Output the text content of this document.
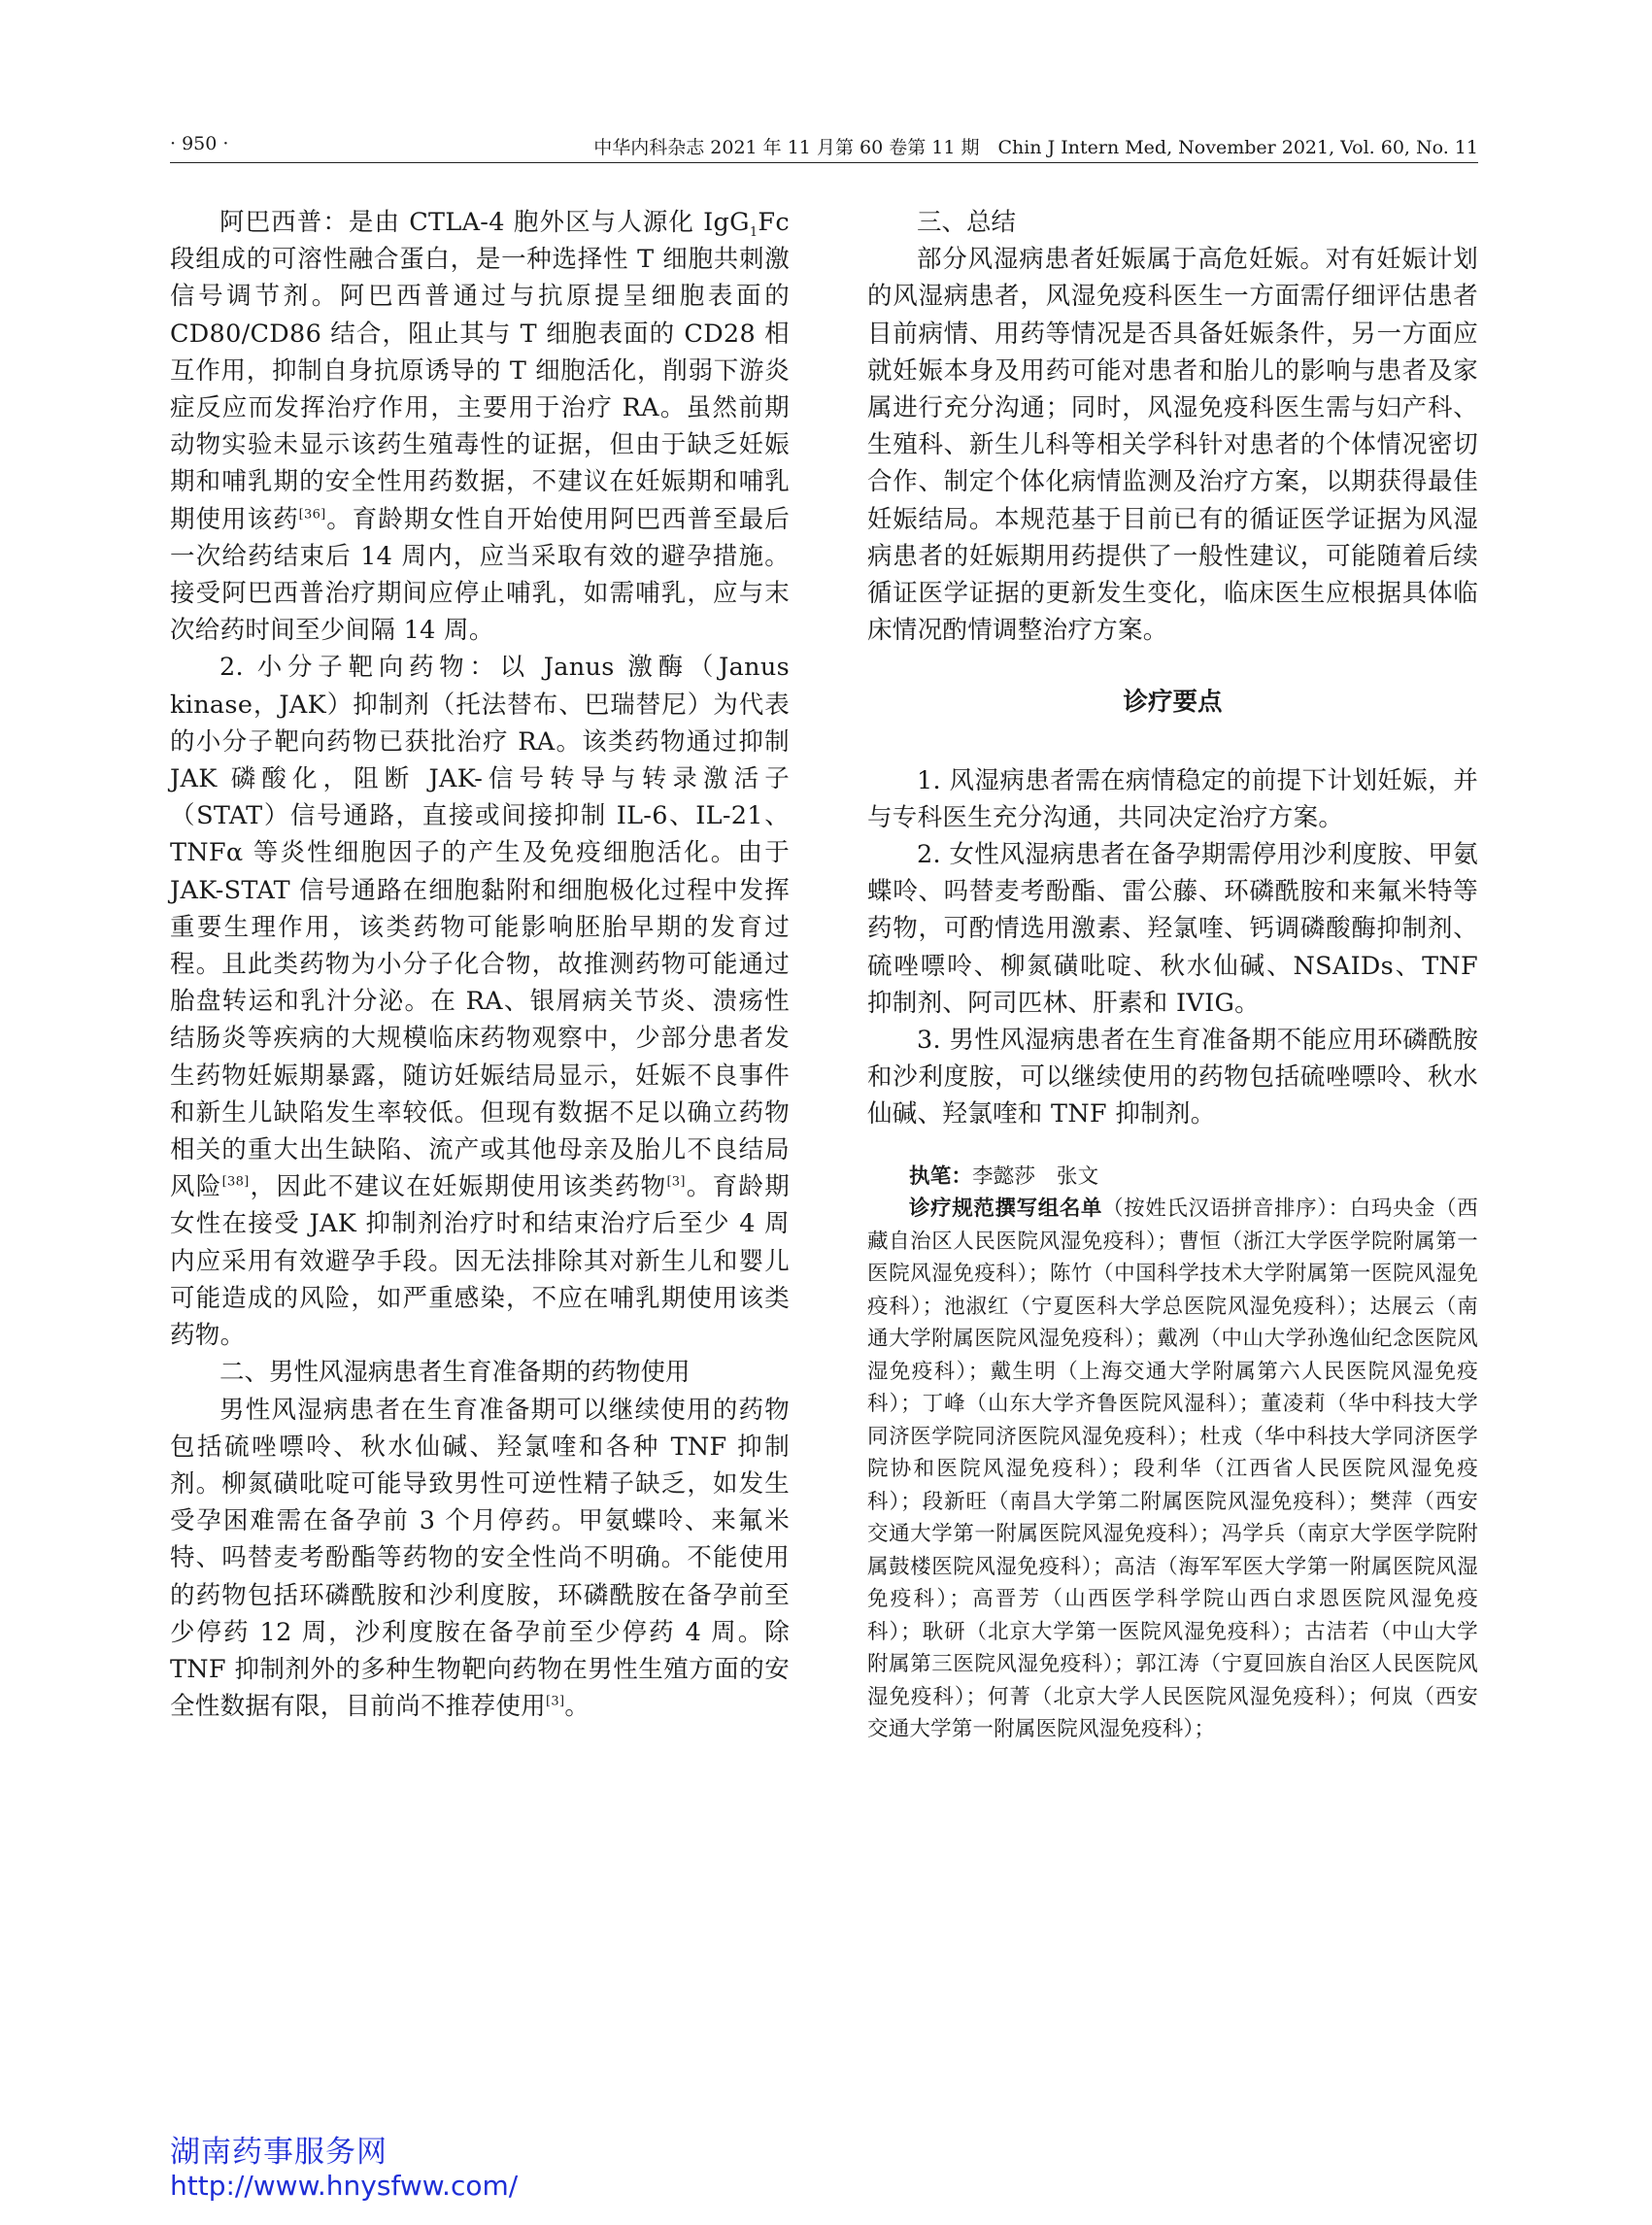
· 950 ·	中华内科杂志 2021 年 11 月第 60 卷第 11 期　Chin J Intern Med, November 2021, Vol. 60, No. 11

阿巴西普：是由 CTLA-4 胞外区与人源化 IgG$_1$Fc 段组成的可溶性融合蛋白，是一种选择性 T 细胞共刺激信号调节剂。阿巴西普通过与抗原提呈细胞表面的 CD80/CD86 结合，阻止其与 T 细胞表面的 CD28 相互作用，抑制自身抗原诱导的 T 细胞活化，削弱下游炎症反应而发挥治疗作用，主要用于治疗 RA。虽然前期动物实验未显示该药生殖毒性的证据，但由于缺乏妊娠期和哺乳期的安全性用药数据，不建议在妊娠期和哺乳期使用该药[36]。育龄期女性自开始使用阿巴西普至最后一次给药结束后 14 周内，应当采取有效的避孕措施。接受阿巴西普治疗期间应停止哺乳，如需哺乳，应与末次给药时间至少间隔 14 周。

2. 小分子靶向药物：以 Janus 激酶（Janus kinase，JAK）抑制剂（托法替布、巴瑞替尼）为代表的小分子靶向药物已获批治疗 RA。该类药物通过抑制 JAK 磷酸化，阻断 JAK-信号转导与转录激活子（STAT）信号通路，直接或间接抑制 IL-6、IL-21、TNFα 等炎性细胞因子的产生及免疫细胞活化。由于 JAK-STAT 信号通路在细胞黏附和细胞极化过程中发挥重要生理作用，该类药物可能影响胚胎早期的发育过程。且此类药物为小分子化合物，故推测药物可能通过胎盘转运和乳汁分泌。在 RA、银屑病关节炎、溃疡性结肠炎等疾病的大规模临床药物观察中，少部分患者发生药物妊娠期暴露，随访妊娠结局显示，妊娠不良事件和新生儿缺陷发生率较低。但现有数据不足以确立药物相关的重大出生缺陷、流产或其他母亲及胎儿不良结局风险[38]，因此不建议在妊娠期使用该类药物[3]。育龄期女性在接受 JAK 抑制剂治疗时和结束治疗后至少 4 周内应采用有效避孕手段。因无法排除其对新生儿和婴儿可能造成的风险，如严重感染，不应在哺乳期使用该类药物。

二、男性风湿病患者生育准备期的药物使用

男性风湿病患者在生育准备期可以继续使用的药物包括硫唑嘌呤、秋水仙碱、羟氯喹和各种 TNF 抑制剂。柳氮磺吡啶可能导致男性可逆性精子缺乏，如发生受孕困难需在备孕前 3 个月停药。甲氨蝶呤、来氟米特、吗替麦考酚酯等药物的安全性尚不明确。不能使用的药物包括环磷酰胺和沙利度胺，环磷酰胺在备孕前至少停药 12 周，沙利度胺在备孕前至少停药 4 周。除 TNF 抑制剂外的多种生物靶向药物在男性生殖方面的安全性数据有限，目前尚不推荐使用[3]。

三、总结

部分风湿病患者妊娠属于高危妊娠。对有妊娠计划的风湿病患者，风湿免疫科医生一方面需仔细评估患者目前病情、用药等情况是否具备妊娠条件，另一方面应就妊娠本身及用药可能对患者和胎儿的影响与患者及家属进行充分沟通；同时，风湿免疫科医生需与妇产科、生殖科、新生儿科等相关学科针对患者的个体情况密切合作、制定个体化病情监测及治疗方案，以期获得最佳妊娠结局。本规范基于目前已有的循证医学证据为风湿病患者的妊娠期用药提供了一般性建议，可能随着后续循证医学证据的更新发生变化，临床医生应根据具体临床情况酌情调整治疗方案。

诊疗要点

1. 风湿病患者需在病情稳定的前提下计划妊娠，并与专科医生充分沟通，共同决定治疗方案。

2. 女性风湿病患者在备孕期需停用沙利度胺、甲氨蝶呤、吗替麦考酚酯、雷公藤、环磷酰胺和来氟米特等药物，可酌情选用激素、羟氯喹、钙调磷酸酶抑制剂、硫唑嘌呤、柳氮磺吡啶、秋水仙碱、NSAIDs、TNF 抑制剂、阿司匹林、肝素和 IVIG。

3. 男性风湿病患者在生育准备期不能应用环磷酰胺和沙利度胺，可以继续使用的药物包括硫唑嘌呤、秋水仙碱、羟氯喹和 TNF 抑制剂。

执笔：李懿莎　张文

诊疗规范撰写组名单（按姓氏汉语拼音排序）：白玛央金（西藏自治区人民医院风湿免疫科）；曹恒（浙江大学医学院附属第一医院风湿免疫科）；陈竹（中国科学技术大学附属第一医院风湿免疫科）；池淑红（宁夏医科大学总医院风湿免疫科）；达展云（南通大学附属医院风湿免疫科）；戴冽（中山大学孙逸仙纪念医院风湿免疫科）；戴生明（上海交通大学附属第六人民医院风湿免疫科）；丁峰（山东大学齐鲁医院风湿科）；董凌莉（华中科技大学同济医学院同济医院风湿免疫科）；杜戎（华中科技大学同济医学院协和医院风湿免疫科）；段利华（江西省人民医院风湿免疫科）；段新旺（南昌大学第二附属医院风湿免疫科）；樊萍（西安交通大学第一附属医院风湿免疫科）；冯学兵（南京大学医学院附属鼓楼医院风湿免疫科）；高洁（海军军医大学第一附属医院风湿免疫科）；高晋芳（山西医学科学院山西白求恩医院风湿免疫科）；耿研（北京大学第一医院风湿免疫科）；古洁若（中山大学附属第三医院风湿免疫科）；郭江涛（宁夏回族自治区人民医院风湿免疫科）；何菁（北京大学人民医院风湿免疫科）；何岚（西安交通大学第一附属医院风湿免疫科）；

湖南药事服务网
http://www.hnysfww.com/
